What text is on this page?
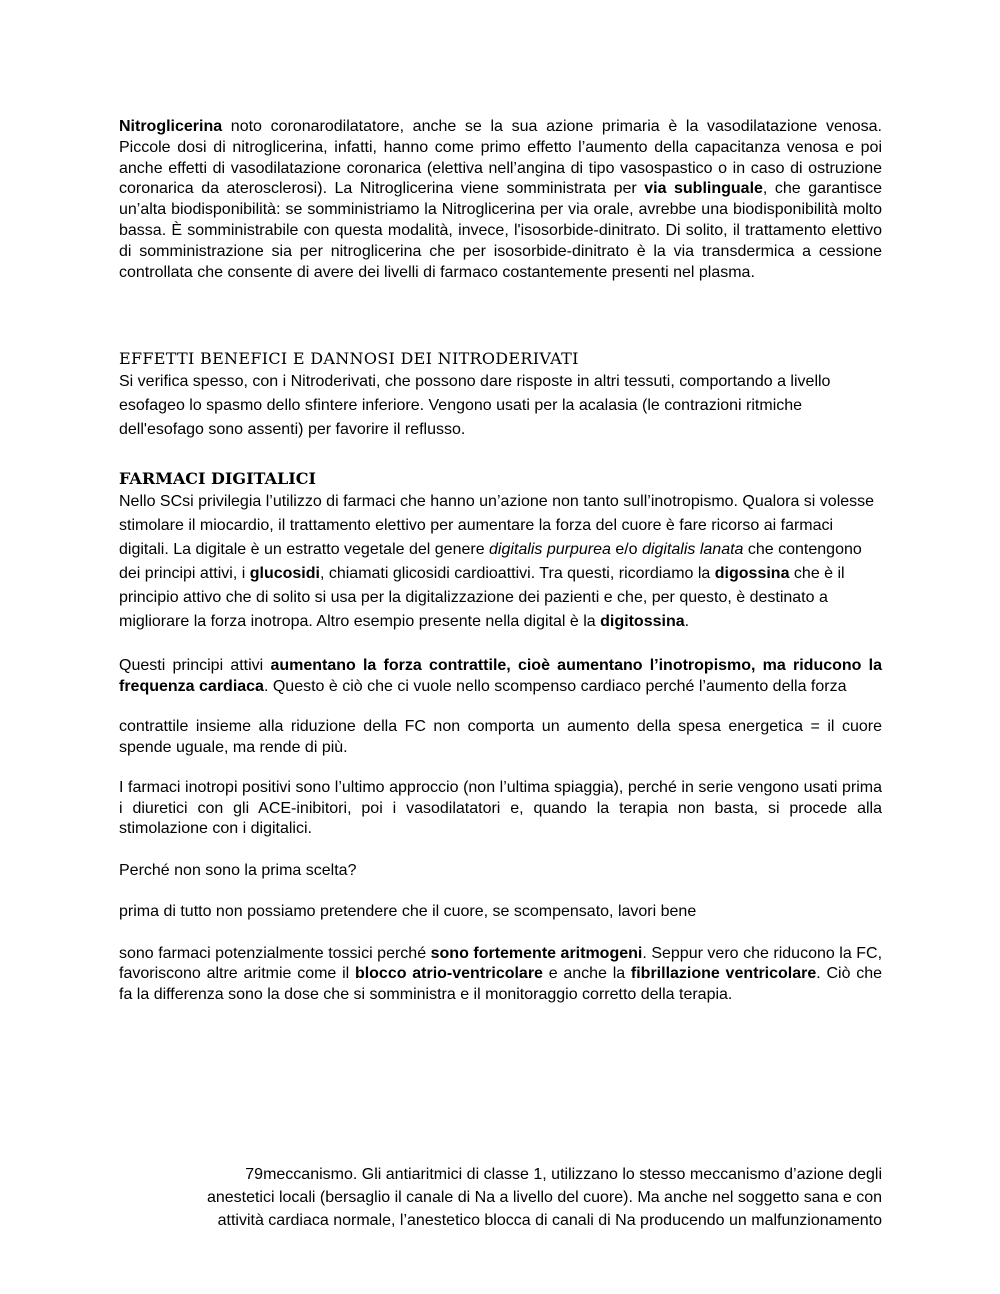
Nitroglicerina noto coronarodilatatore, anche se la sua azione primaria è la vasodilatazione venosa. Piccole dosi di nitroglicerina, infatti, hanno come primo effetto l’aumento della capacitanza venosa e poi anche effetti di vasodilatazione coronarica (elettiva nell’angina di tipo vasospastico o in caso di ostruzione coronarica da aterosclerosi). La Nitroglicerina viene somministrata per via sublinguale, che garantisce un’alta biodisponibilità: se somministriamo la Nitroglicerina per via orale, avrebbe una biodisponibilità molto bassa. È somministrabile con questa modalità, invece, l'isosorbide-dinitrato. Di solito, il trattamento elettivo di somministrazione sia per nitroglicerina che per isosorbide-dinitrato è la via transdermica a cessione controllata che consente di avere dei livelli di farmaco costantemente presenti nel plasma.

EFFETTI BENEFICI E DANNOSI DEI NITRODERIVATI

Si verifica spesso, con i Nitroderivati, che possono dare risposte in altri tessuti, comportando a livello esofageo lo spasmo dello sfintere inferiore. Vengono usati per la acalasia (le contrazioni ritmiche dell'esofago sono assenti) per favorire il reflusso.

FARMACI DIGITALICI

Nello SCsi privilegia l’utilizzo di farmaci che hanno un’azione non tanto sull’inotropismo. Qualora si volesse stimolare il miocardio, il trattamento elettivo per aumentare la forza del cuore è fare ricorso ai farmaci digitali. La digitale è un estratto vegetale del genere digitalis purpurea e/o digitalis lanata che contengono dei principi attivi, i glucosidi, chiamati glicosidi cardioattivi. Tra questi, ricordiamo la digossina che è il principio attivo che di solito si usa per la digitalizzazione dei pazienti e che, per questo, è destinato a migliorare la forza inotropa. Altro esempio presente nella digital è la digitossina.

Questi principi attivi aumentano la forza contrattile, cioè aumentano l’inotropismo, ma riducono la frequenza cardiaca. Questo è ciò che ci vuole nello scompenso cardiaco perché l’aumento della forza

contrattile insieme alla riduzione della FC non comporta un aumento della spesa energetica = il cuore spende uguale, ma rende di più.

I farmaci inotropi positivi sono l’ultimo approccio (non l’ultima spiaggia), perché in serie vengono usati prima i diuretici con gli ACE-inibitori, poi i vasodilatatori e, quando la terapia non basta, si procede alla stimolazione con i digitalici.

Perché non sono la prima scelta?

prima di tutto non possiamo pretendere che il cuore, se scompensato, lavori bene

sono farmaci potenzialmente tossici perché sono fortemente aritmogeni. Seppur vero che riducono la FC, favoriscono altre aritmie come il blocco atrio-ventricolare e anche la fibrillazione ventricolare. Ciò che fa la differenza sono la dose che si somministra e il monitoraggio corretto della terapia.

79meccanismo. Gli antiaritmici di classe 1, utilizzano lo stesso meccanismo d’azione degli
anestetici locali (bersaglio il canale di Na a livello del cuore). Ma anche nel soggetto sana e con
attività cardiaca normale, l’anestetico blocca di canali di Na producendo un malfunzionamento
